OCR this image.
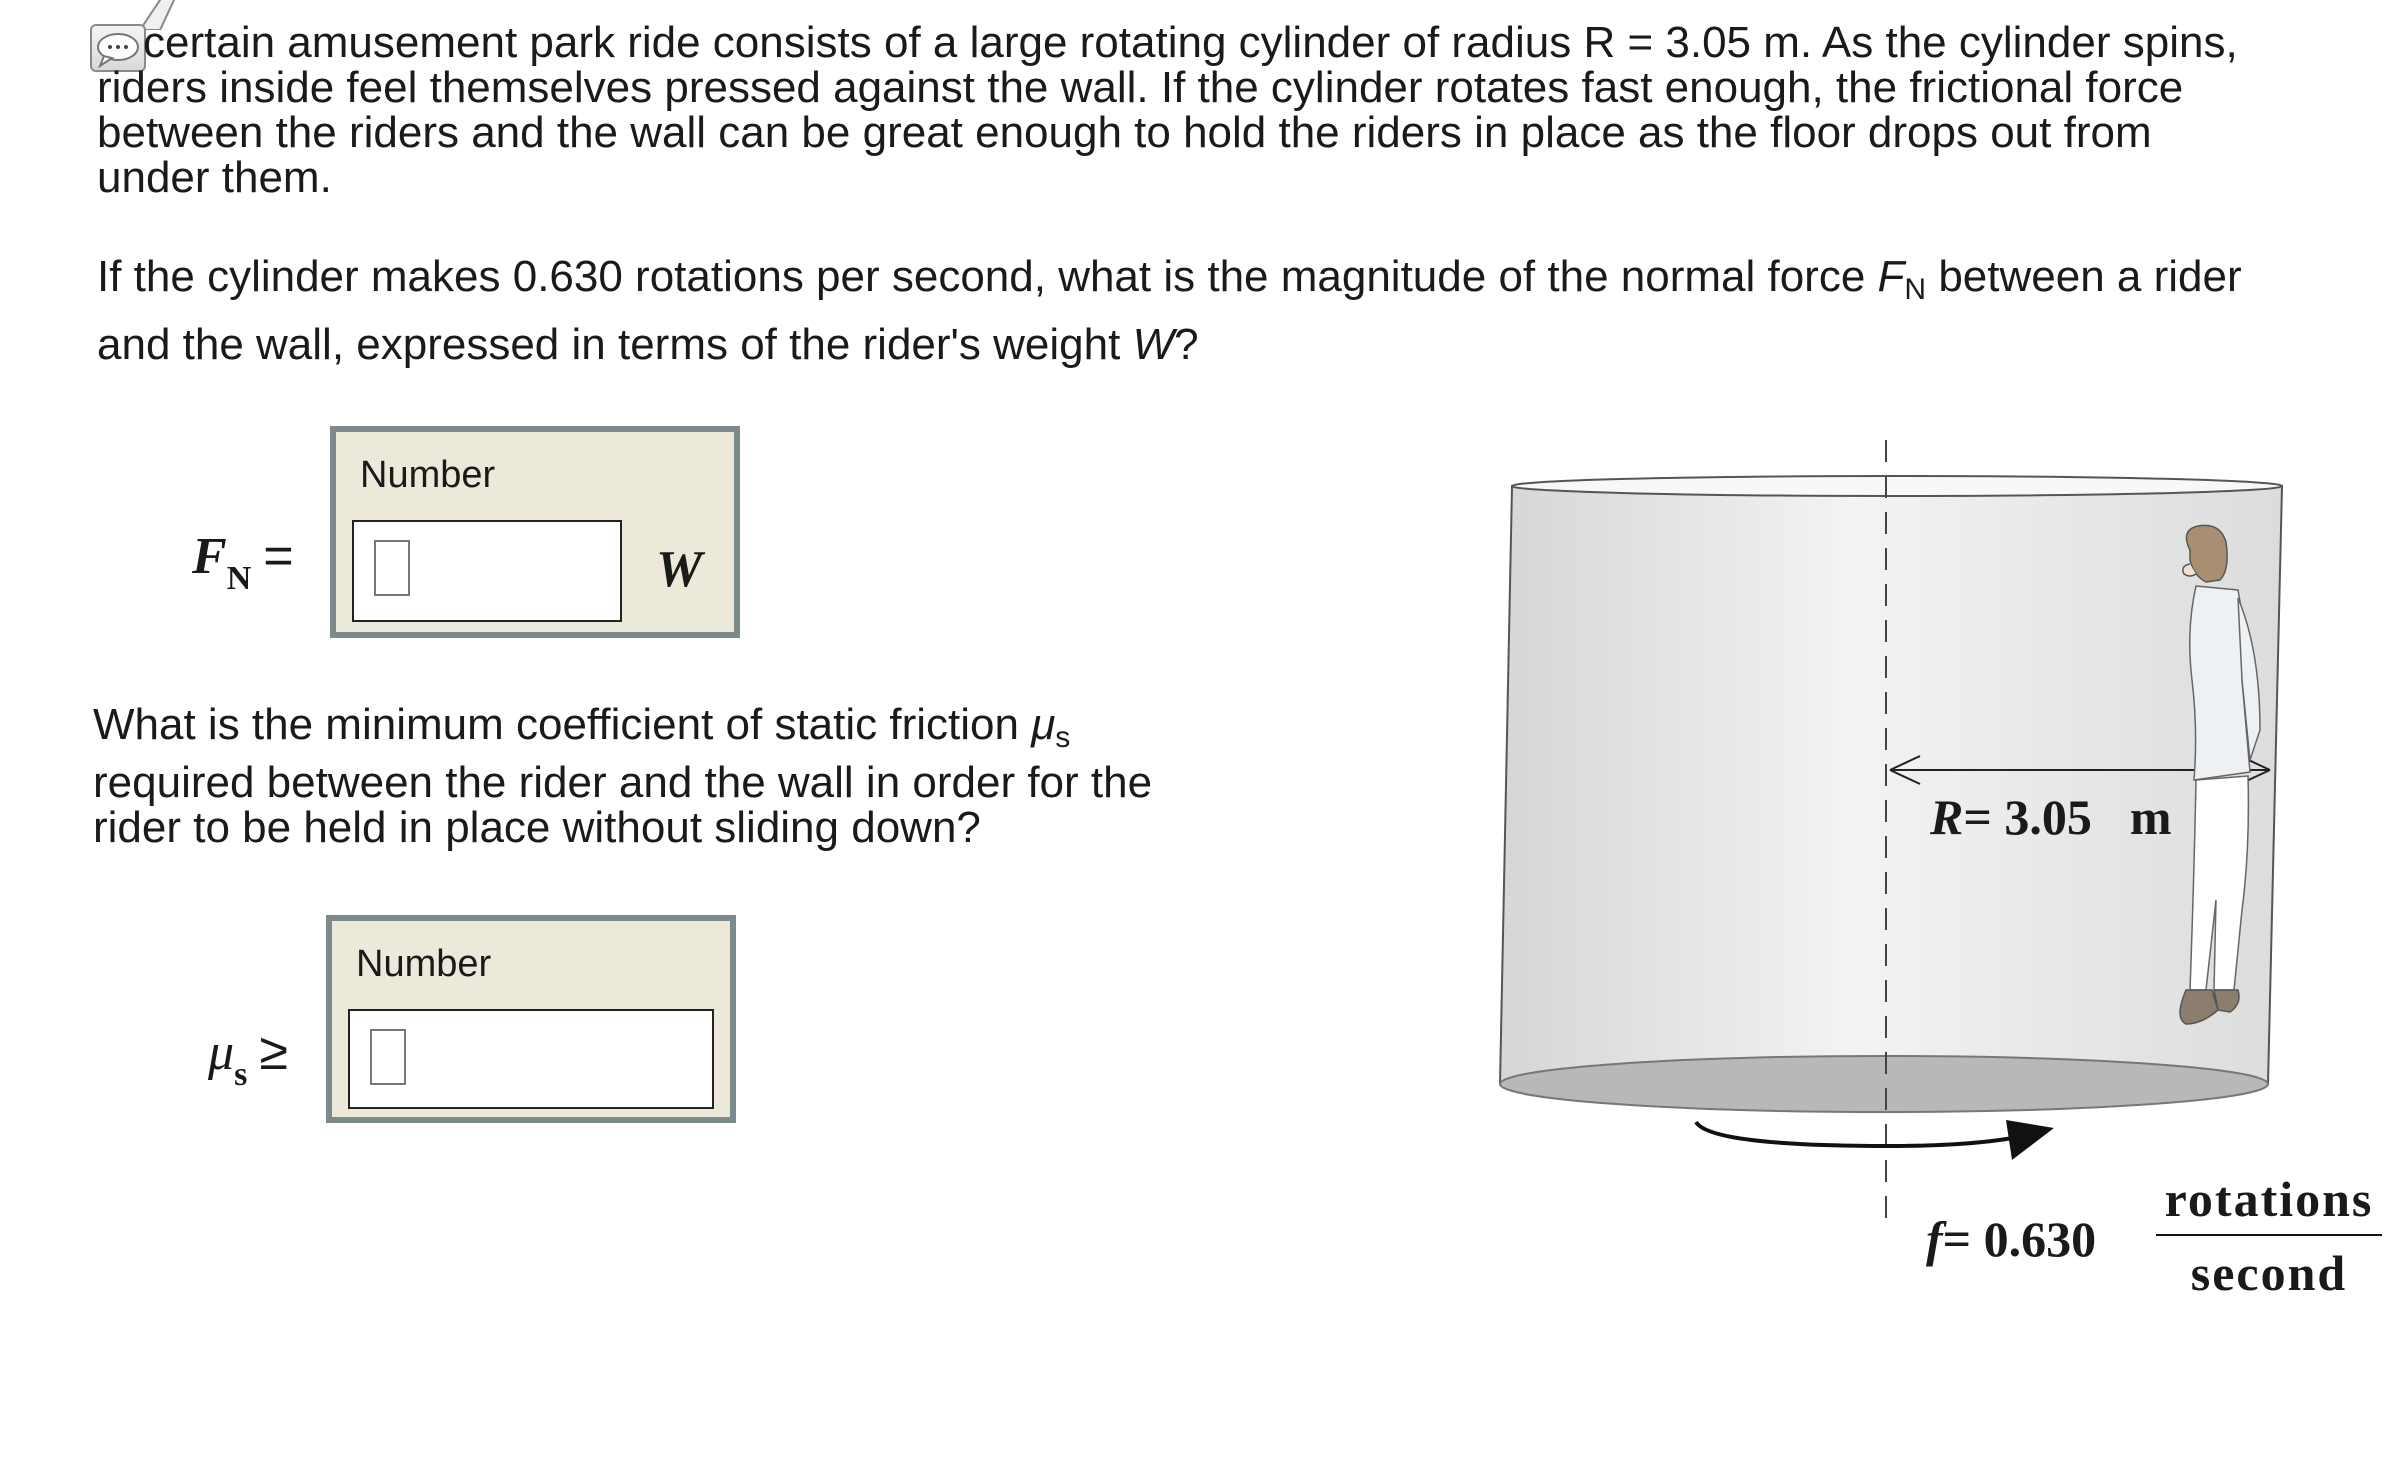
certain amusement park ride consists of a large rotating cylinder of radius R = 3.05 m. As the cylinder spins, riders inside feel themselves pressed against the wall. If the cylinder rotates fast enough, the frictional force between the riders and the wall can be great enough to hold the riders in place as the floor drops out from under them.

If the cylinder makes 0.630 rotations per second, what is the magnitude of the normal force $F_N$ between a rider and the wall, expressed in terms of the rider's weight W?

$F_N$ =
Number
W

What is the minimum coefficient of static friction $\mu_s$
required between the rider and the wall in order for the rider to be held in place without sliding down?

$\mu_s$ ≥
Number
R= 3.05 m
f= 0.630
rotations
second
